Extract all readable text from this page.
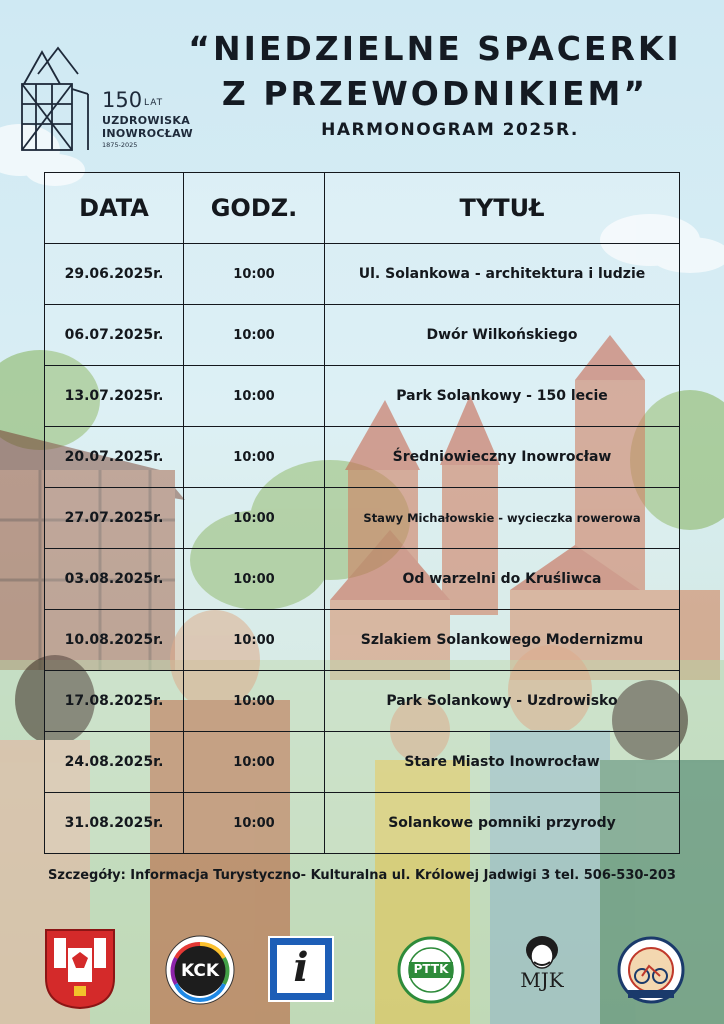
150 LAT
UZDROWISKA
INOWROCŁAW
1875-2025
“NIEDZIELNE SPACERKI
Z PRZEWODNIKIEM”
HARMONOGRAM 2025R.
DATA	GODZ.	TYTUŁ
29.06.2025r.	10:00	Ul. Solankowa - architektura i ludzie
06.07.2025r.	10:00	Dwór Wilkońskiego
13.07.2025r.	10:00	Park Solankowy - 150 lecie
20.07.2025r.	10:00	Średniowieczny Inowrocław
27.07.2025r.	10:00	Stawy Michałowskie - wycieczka rowerowa
03.08.2025r.	10:00	Od warzelni do Kruśliwca
10.08.2025r.	10:00	Szlakiem Solankowego Modernizmu
17.08.2025r.	10:00	Park Solankowy - Uzdrowisko
24.08.2025r.	10:00	Stare Miasto Inowrocław
31.08.2025r.	10:00	Solankowe pomniki przyrody
Szczegóły: Informacja Turystyczno- Kulturalna ul. Królowej Jadwigi 3 tel. 506-530-203
KCK	i	PTTK	MJK
